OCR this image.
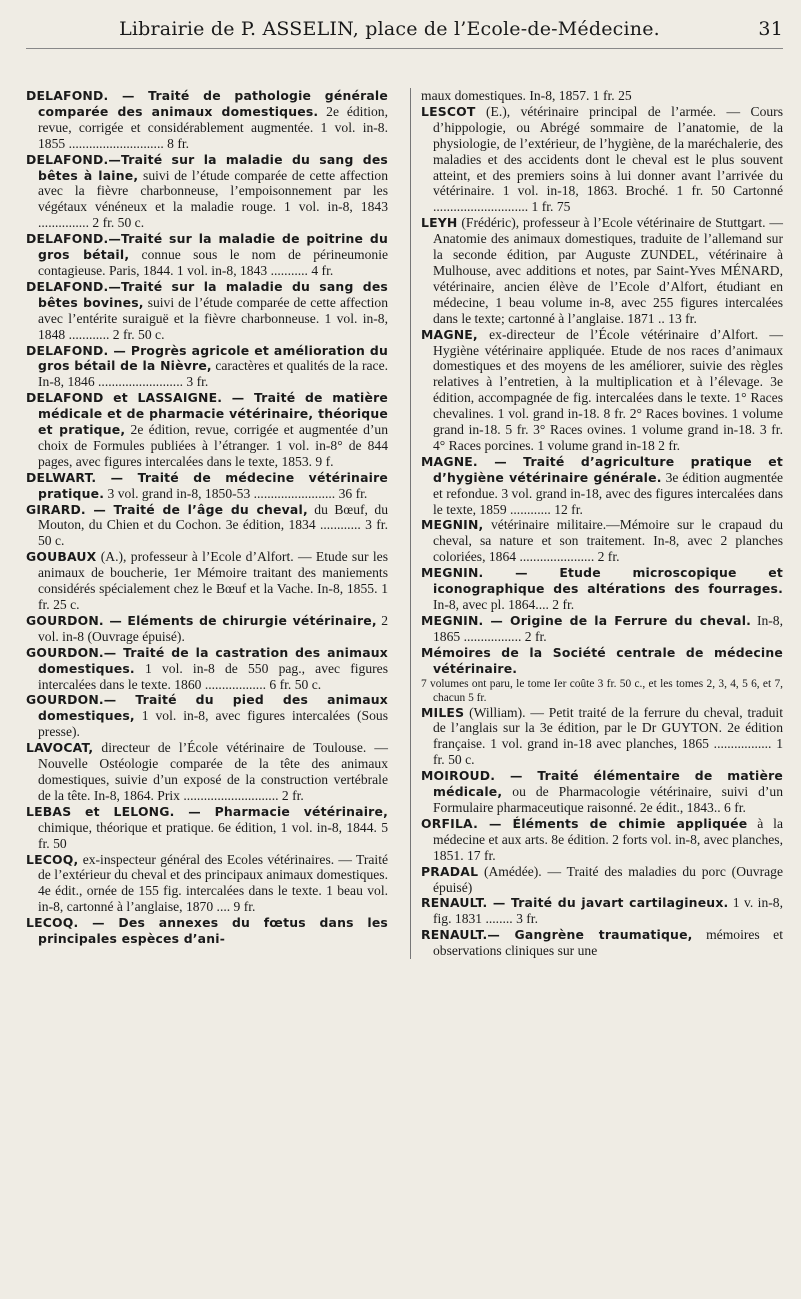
Librairie de P. ASSELIN, place de l’Ecole-de-Médecine.	31

DELAFOND. — Traité de pathologie générale comparée des animaux domestiques. 2e édition, revue, corrigée et considérablement augmentée. 1 vol. in-8. 1855 ............................ 8 fr.

DELAFOND.—Traité sur la maladie du sang des bêtes à laine, suivi de l’étude comparée de cette affection avec la fièvre charbonneuse, l’empoisonnement par les végétaux vénéneux et la maladie rouge. 1 vol. in-8, 1843 ............... 2 fr. 50 c.

DELAFOND.—Traité sur la maladie de poitrine du gros bétail, connue sous le nom de périneumonie contagieuse. Paris, 1844. 1 vol. in-8, 1843 ........... 4 fr.

DELAFOND.—Traité sur la maladie du sang des bêtes bovines, suivi de l’étude comparée de cette affection avec l’entérite suraiguë et la fièvre charbonneuse. 1 vol. in-8, 1848 ............ 2 fr. 50 c.

DELAFOND. — Progrès agricole et amélioration du gros bétail de la Nièvre, caractères et qualités de la race. In-8, 1846 ......................... 3 fr.

DELAFOND et LASSAIGNE. — Traité de matière médicale et de pharmacie vétérinaire, théorique et pratique, 2e édition, revue, corrigée et augmentée d’un choix de Formules publiées à l’étranger. 1 vol. in-8° de 844 pages, avec figures intercalées dans le texte, 1853. 9 f.

DELWART. — Traité de médecine vétérinaire pratique. 3 vol. grand in-8, 1850-53 ........................ 36 fr.

GIRARD. — Traité de l’âge du cheval, du Bœuf, du Mouton, du Chien et du Cochon. 3e édition, 1834 ............ 3 fr. 50 c.

GOUBAUX (A.), professeur à l’Ecole d’Alfort. — Etude sur les animaux de boucherie, 1er Mémoire traitant des maniements considérés spécialement chez le Bœuf et la Vache. In-8, 1855. 1 fr. 25 c.

GOURDON. — Eléments de chirurgie vétérinaire, 2 vol. in-8 (Ouvrage épuisé).

GOURDON.— Traité de la castration des animaux domestiques. 1 vol. in-8 de 550 pag., avec figures intercalées dans le texte. 1860 .................. 6 fr. 50 c.

GOURDON.— Traité du pied des animaux domestiques, 1 vol. in-8, avec figures intercalées (Sous presse).

LAVOCAT, directeur de l’École vétérinaire de Toulouse. — Nouvelle Ostéologie comparée de la tête des animaux domestiques, suivie d’un exposé de la construction vertébrale de la tête. In-8, 1864. Prix ............................ 2 fr.

LEBAS et LELONG. — Pharmacie vétérinaire, chimique, théorique et pratique. 6e édition, 1 vol. in-8, 1844. 5 fr. 50

LECOQ, ex-inspecteur général des Ecoles vétérinaires. — Traité de l’extérieur du cheval et des principaux animaux domestiques. 4e édit., ornée de 155 fig. intercalées dans le texte. 1 beau vol. in-8, cartonné à l’anglaise, 1870 .... 9 fr.

LECOQ. — Des annexes du fœtus dans les principales espèces d’ani-

maux domestiques. In-8, 1857. 1 fr. 25

LESCOT (E.), vétérinaire principal de l’armée. — Cours d’hippologie, ou Abrégé sommaire de l’anatomie, de la physiologie, de l’extérieur, de l’hygiène, de la maréchalerie, des maladies et des accidents dont le cheval est le plus souvent atteint, et des premiers soins à lui donner avant l’arrivée du vétérinaire. 1 vol. in-18, 1863. Broché. 1 fr. 50 Cartonné ............................ 1 fr. 75

LEYH (Frédéric), professeur à l’Ecole vétérinaire de Stuttgart. — Anatomie des animaux domestiques, traduite de l’allemand sur la seconde édition, par Auguste ZUNDEL, vétérinaire à Mulhouse, avec additions et notes, par Saint-Yves MÉNARD, vétérinaire, ancien élève de l’Ecole d’Alfort, étudiant en médecine, 1 beau volume in-8, avec 255 figures intercalées dans le texte; cartonné à l’anglaise. 1871 .. 13 fr.

MAGNE, ex-directeur de l’École vétérinaire d’Alfort. — Hygiène vétérinaire appliquée. Etude de nos races d’animaux domestiques et des moyens de les améliorer, suivie des règles relatives à l’entretien, à la multiplication et à l’élevage. 3e édition, accompagnée de fig. intercalées dans le texte. 1° Races chevalines. 1 vol. grand in-18. 8 fr. 2° Races bovines. 1 volume grand in-18. 5 fr. 3° Races ovines. 1 volume grand in-18. 3 fr. 4° Races porcines. 1 volume grand in-18 2 fr.

MAGNE. — Traité d’agriculture pratique et d’hygiène vétérinaire générale. 3e édition augmentée et refondue. 3 vol. grand in-18, avec des figures intercalées dans le texte, 1859 ............ 12 fr.

MEGNIN, vétérinaire militaire.—Mémoire sur le crapaud du cheval, sa nature et son traitement. In-8, avec 2 planches coloriées, 1864 ...................... 2 fr.

MEGNIN. — Etude microscopique et iconographique des altérations des fourrages. In-8, avec pl. 1864.... 2 fr.

MEGNIN. — Origine de la Ferrure du cheval. In-8, 1865 ................. 2 fr.

Mémoires de la Société centrale de médecine vétérinaire.

7 volumes ont paru, le tome Ier coûte 3 fr. 50 c., et les tomes 2, 3, 4, 5 6, et 7, chacun 5 fr.

MILES (William). — Petit traité de la ferrure du cheval, traduit de l’anglais sur la 3e édition, par le Dr GUYTON. 2e édition française. 1 vol. grand in-18 avec planches, 1865 ................. 1 fr. 50 c.

MOIROUD. — Traité élémentaire de matière médicale, ou de Pharmacologie vétérinaire, suivi d’un Formulaire pharmaceutique raisonné. 2e édit., 1843.. 6 fr.

ORFILA. — Éléments de chimie appliquée à la médecine et aux arts. 8e édition. 2 forts vol. in-8, avec planches, 1851. 17 fr.

PRADAL (Amédée). — Traité des maladies du porc (Ouvrage épuisé)

RENAULT. — Traité du javart cartilagineux. 1 v. in-8, fig. 1831 ........ 3 fr.

RENAULT.— Gangrène traumatique, mémoires et observations cliniques sur une
